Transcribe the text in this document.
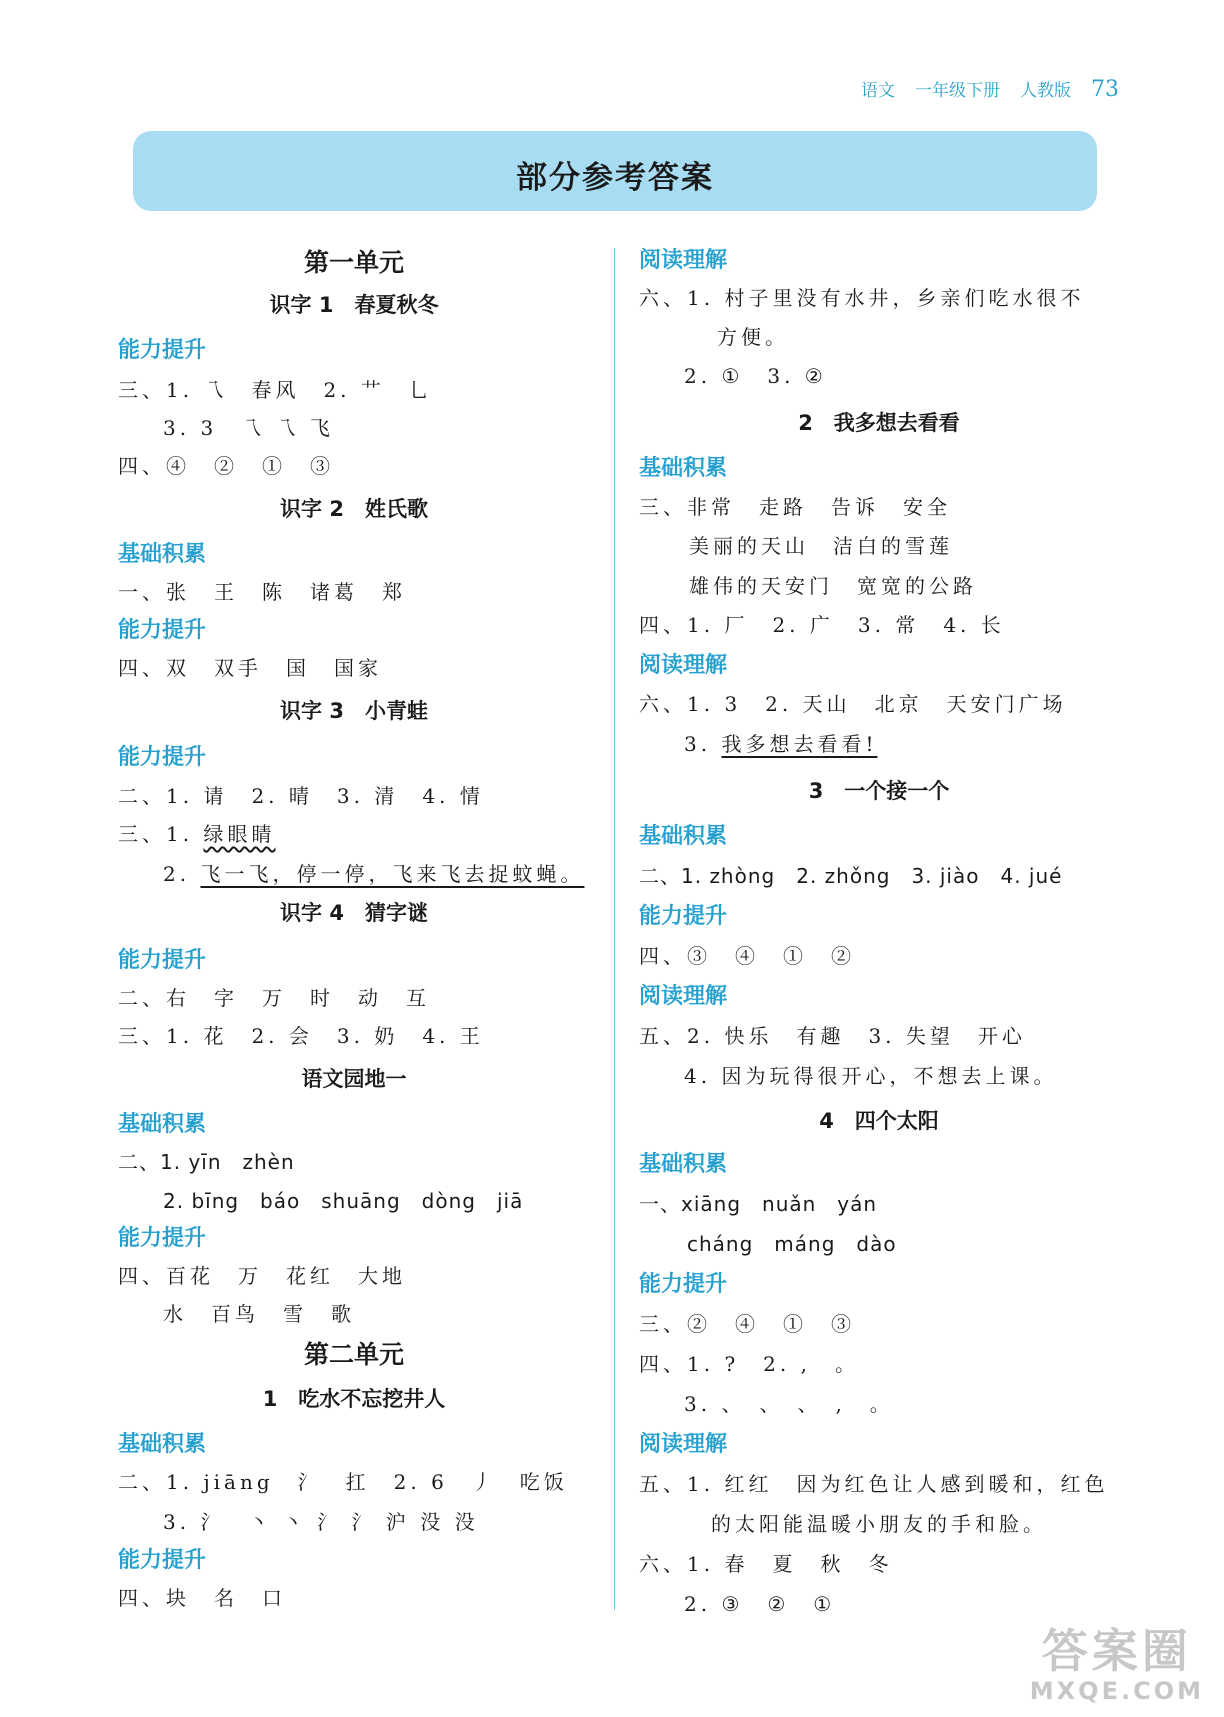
语文 一年级下册 人教版 73
部分参考答案
第一单元
识字 1　春夏秋冬
能力提升
三、1. 乁　春风　2. 艹　乚
3. 3　乁 乁 飞
四、④　②　①　③
识字 2　姓氏歌
基础积累
一、张　王　陈　诸葛　郑
能力提升
四、双　双手　国　国家
识字 3　小青蛙
能力提升
二、1. 请　2. 晴　3. 清　4. 情
三、1. 绿眼睛
2. 飞一飞，停一停，飞来飞去捉蚊蝇。
识字 4　猜字谜
能力提升
二、右　字　万　时　动　互
三、1. 花　2. 会　3. 奶　4. 王
语文园地一
基础积累
二、1. yīn　zhèn
2. bīng　báo　shuāng　dòng　jiā
能力提升
四、百花　万　花红　大地
水　百鸟　雪　歌
第二单元
1　吃水不忘挖井人
基础积累
二、1. jiāng　氵　扛　2. 6　丿　吃饭
3. 氵　丶 丶 氵 氵 沪 没 没
能力提升
四、块　名　口
阅读理解
六、1. 村子里没有水井，乡亲们吃水很不
方便。
2. ①　3. ②
2　我多想去看看
基础积累
三、非常　走路　告诉　安全
美丽的天山　洁白的雪莲
雄伟的天安门　宽宽的公路
四、1. 厂　2. 广　3. 常　4. 长
阅读理解
六、1. 3　2. 天山　北京　天安门广场
3. 我多想去看看!
3　一个接一个
基础积累
二、1. zhòng　2. zhǒng　3. jiào　4. jué
能力提升
四、③　④　①　②
阅读理解
五、2. 快乐　有趣　3. 失望　开心
4. 因为玩得很开心，不想去上课。
4　四个太阳
基础积累
一、xiāng　nuǎn　yán
cháng　máng　dào
能力提升
三、②　④　①　③
四、1. ?　2. ,　。
3. 、　、　、　,　。
阅读理解
五、1. 红红　因为红色让人感到暖和，红色
的太阳能温暖小朋友的手和脸。
六、1. 春　夏　秋　冬
2. ③　②　①
答案圈
MXQE.COM
